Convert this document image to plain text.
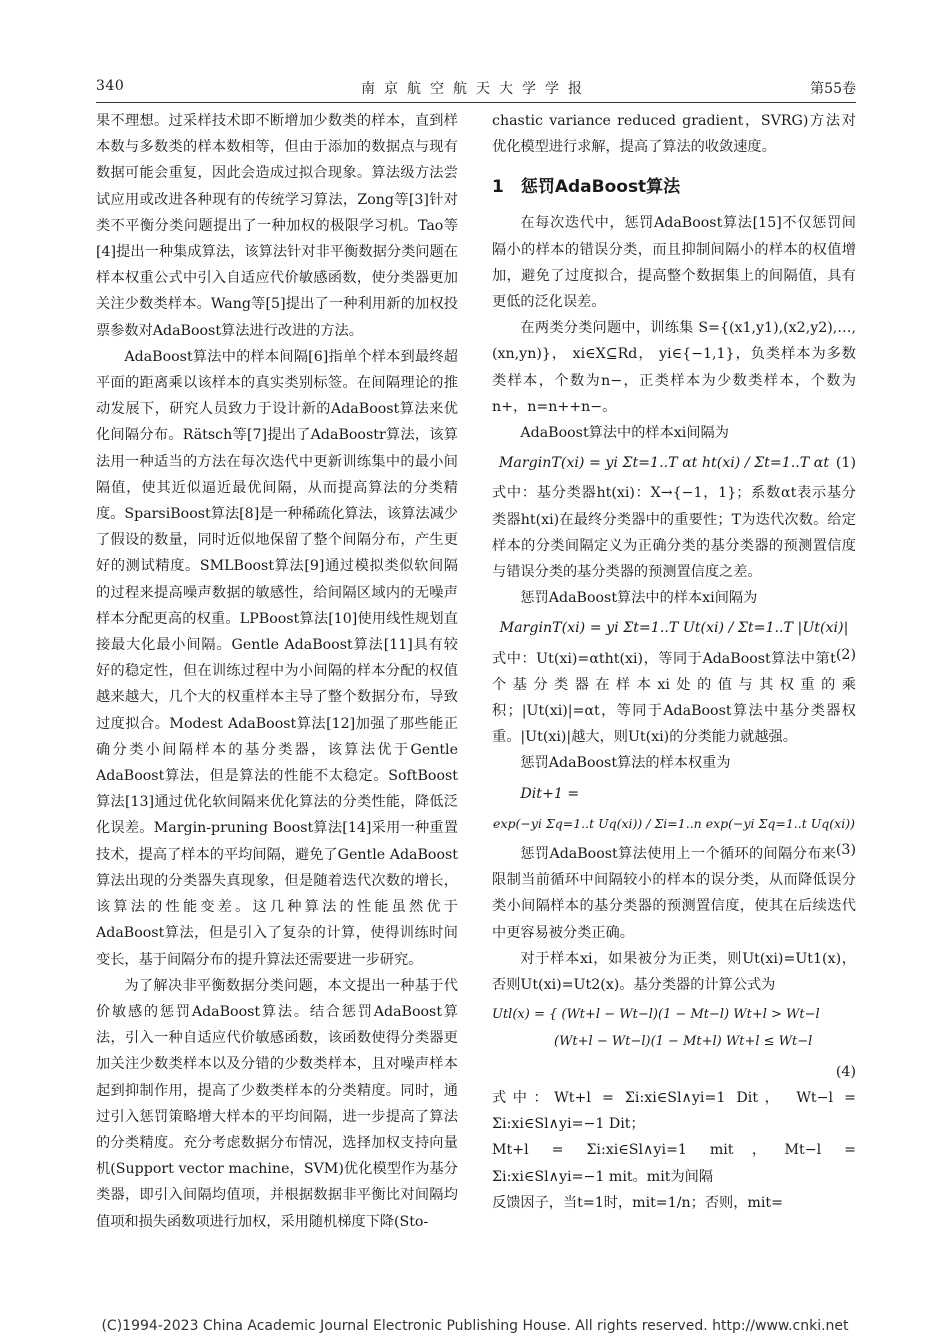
340	南京航空航天大学学报	第55卷

果不理想。过采样技术即不断增加少数类的样本，直到样本数与多数类的样本数相等，但由于添加的数据点与现有数据可能会重复，因此会造成过拟合现象。算法级方法尝试应用或改进各种现有的传统学习算法，Zong等[3]针对类不平衡分类问题提出了一种加权的极限学习机。Tao等[4]提出一种集成算法，该算法针对非平衡数据分类问题在样本权重公式中引入自适应代价敏感函数，使分类器更加关注少数类样本。Wang等[5]提出了一种利用新的加权投票参数对AdaBoost算法进行改进的方法。

AdaBoost算法中的样本间隔[6]指单个样本到最终超平面的距离乘以该样本的真实类别标签。在间隔理论的推动发展下，研究人员致力于设计新的AdaBoost算法来优化间隔分布。Rätsch等[7]提出了AdaBoostr算法，该算法用一种适当的方法在每次迭代中更新训练集中的最小间隔值，使其近似逼近最优间隔，从而提高算法的分类精度。SparsiBoost算法[8]是一种稀疏化算法，该算法减少了假设的数量，同时近似地保留了整个间隔分布，产生更好的测试精度。SMLBoost算法[9]通过模拟类似软间隔的过程来提高噪声数据的敏感性，给间隔区域内的无噪声样本分配更高的权重。LPBoost算法[10]使用线性规划直接最大化最小间隔。Gentle AdaBoost算法[11]具有较好的稳定性，但在训练过程中为小间隔的样本分配的权值越来越大，几个大的权重样本主导了整个数据分布，导致过度拟合。Modest AdaBoost算法[12]加强了那些能正确分类小间隔样本的基分类器，该算法优于Gentle AdaBoost算法，但是算法的性能不太稳定。SoftBoost算法[13]通过优化软间隔来优化算法的分类性能，降低泛化误差。Margin-pruning Boost算法[14]采用一种重置技术，提高了样本的平均间隔，避免了Gentle AdaBoost算法出现的分类器失真现象，但是随着迭代次数的增长，该算法的性能变差。这几种算法的性能虽然优于AdaBoost算法，但是引入了复杂的计算，使得训练时间变长，基于间隔分布的提升算法还需要进一步研究。

为了解决非平衡数据分类问题，本文提出一种基于代价敏感的惩罚AdaBoost算法。结合惩罚AdaBoost算法，引入一种自适应代价敏感函数，该函数使得分类器更加关注少数类样本以及分错的少数类样本，且对噪声样本起到抑制作用，提高了少数类样本的分类精度。同时，通过引入惩罚策略增大样本的平均间隔，进一步提高了算法的分类精度。充分考虑数据分布情况，选择加权支持向量机(Support vector machine，SVM)优化模型作为基分类器，即引入间隔均值项，并根据数据非平衡比对间隔均值项和损失函数项进行加权，采用随机梯度下降(Sto-

chastic variance reduced gradient，SVRG)方法对优化模型进行求解，提高了算法的收敛速度。

1　惩罚AdaBoost算法

在每次迭代中，惩罚AdaBoost算法[15]不仅惩罚间隔小的样本的错误分类，而且抑制间隔小的样本的权值增加，避免了过度拟合，提高整个数据集上的间隔值，具有更低的泛化误差。

在两类分类问题中，训练集 S={(x1,y1),(x2,y2),…,(xn,yn)}， xi∈X⊆Rd， yi∈{−1,1}，负类样本为多数类样本，个数为n−，正类样本为少数类样本，个数为n+，n=n++n−。

AdaBoost算法中的样本xi间隔为

MarginT(xi) = yi Σt=1..T αt ht(xi) / Σt=1..T αt (1)

式中：基分类器ht(xi)：X→{−1，1}；系数αt表示基分类器ht(xi)在最终分类器中的重要性；T为迭代次数。给定样本的分类间隔定义为正确分类的基分类器的预测置信度与错误分类的基分类器的预测置信度之差。

惩罚AdaBoost算法中的样本xi间隔为

MarginT(xi) = yi Σt=1..T Ut(xi) / Σt=1..T |Ut(xi)|
(2)

式中：Ut(xi)=αtht(xi)，等同于AdaBoost算法中第t个基分类器在样本xi处的值与其权重的乘积；|Ut(xi)|=αt，等同于AdaBoost算法中基分类器权重。|Ut(xi)|越大，则Ut(xi)的分类能力就越强。

惩罚AdaBoost算法的样本权重为

Dit+1 =
exp(−yi Σq=1..t Uq(xi)) / Σi=1..n exp(−yi Σq=1..t Uq(xi))
(3)

惩罚AdaBoost算法使用上一个循环的间隔分布来限制当前循环中间隔较小的样本的误分类，从而降低误分类小间隔样本的基分类器的预测置信度，使其在后续迭代中更容易被分类正确。

对于样本xi，如果被分为正类，则Ut(xi)=Ut1(x)，否则Ut(xi)=Ut2(x)。基分类器的计算公式为

Utl(x) = { (Wt+l − Wt−l)(1 − Mt−l) Wt+l > Wt−l
(Wt+l − Wt−l)(1 − Mt+l) Wt+l ≤ Wt−l
(4)

式中：Wt+l = Σi:xi∈Sl∧yi=1 Dit， Wt−l = Σi:xi∈Sl∧yi=−1 Dit；

Mt+l = Σi:xi∈Sl∧yi=1 mit，Mt−l = Σi:xi∈Sl∧yi=−1 mit。mit为间隔

反馈因子，当t=1时，mit=1/n；否则，mit=

(C)1994-2023 China Academic Journal Electronic Publishing House. All rights reserved. http://www.cnki.net
